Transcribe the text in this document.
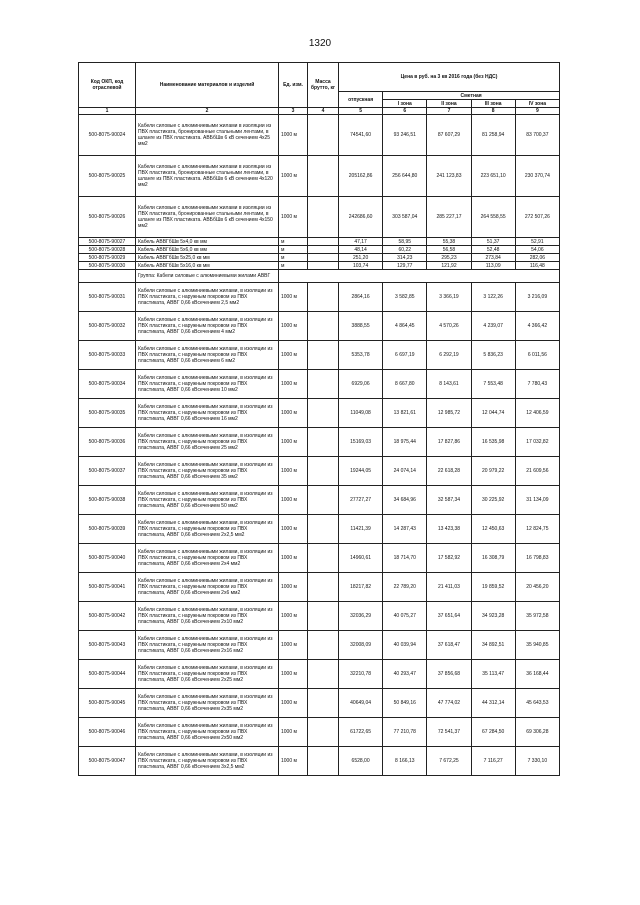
1320
Код ОКП, код отраслевой	Наименование материалов и изделий	Ед. изм.	Масса брутто, кг	Цена в руб. на 3 кв 2016 года (без НДС)				
				отпускная	Сметная			
					I зона	II зона	III зона	IV зона
1	2	3	4	5	6	7	8	9
500-8075-90024	Кабели силовые с алюминиевыми жилами в изоляции из ПВХ пластиката, бронированные стальными лентами, в шланге из ПВХ пластиката. АВБбШв 6 кВ сечением 4х25 мм2	1000 м		74541,60	93 246,51	87 607,29	81 258,94	83 700,37
500-8075-90025	Кабели силовые с алюминиевыми жилами в изоляции из ПВХ пластиката, бронированные стальными лентами, в шланге из ПВХ пластиката. АВБбШв 6 кВ сечением 4х120 мм2	1000 м		205162,86	256 644,80	241 123,83	223 651,10	230 370,74
500-8075-90026	Кабели силовые с алюминиевыми жилами в изоляции из ПВХ пластиката, бронированные стальными лентами, в шланге из ПВХ пластиката. АВБбШв 6 кВ сечением 4х150 мм2	1000 м		242686,60	303 587,04	285 227,17	264 558,55	272 507,26
500-8075-90027	Кабель АВВГбШв 5х4,0 кв мм	м		47,17	58,95	55,38	51,37	52,91
500-8075-90028	Кабель АВВГбШв 5х6,0 кв мм	м		48,14	60,22	56,58	52,48	54,06
500-8075-90029	Кабель АВВГбШв 5х25,0 кв мм	м		251,20	314,23	295,23	273,84	282,06
500-8075-90030	Кабель АВВГбШв 5х16,0 кв мм	м		103,74	129,77	121,92	113,09	116,48
	Группа: Кабели силовые с алюминиевыми жилами АВВГ							
500-8075-90031	Кабели силовые с алюминиевыми жилами, в изоляции из ПВХ пластиката, с наружным покровом из ПВХ пластиката, АВВГ 0,66 кВсечением 2,5 мм2	1000 м		2864,16	3 582,85	3 366,19	3 122,26	3 216,09
500-8075-90032	Кабели силовые с алюминиевыми жилами, в изоляции из ПВХ пластиката, с наружным покровом из ПВХ пластиката, АВВГ 0,66 кВсечением 4 мм2	1000 м		3888,55	4 864,45	4 570,26	4 239,07	4 366,42
500-8075-90033	Кабели силовые с алюминиевыми жилами, в изоляции из ПВХ пластиката, с наружным покровом из ПВХ пластиката, АВВГ 0,66 кВсечением 6 мм2	1000 м		5353,78	6 697,19	6 292,19	5 836,23	6 011,56
500-8075-90034	Кабели силовые с алюминиевыми жилами, в изоляции из ПВХ пластиката, с наружным покровом из ПВХ пластиката, АВВГ 0,66 кВсечением 10 мм2	1000 м		6929,06	8 667,80	8 143,61	7 553,48	7 780,43
500-8075-90035	Кабели силовые с алюминиевыми жилами, в изоляции из ПВХ пластиката, с наружным покровом из ПВХ пластиката, АВВГ 0,66 кВсечением 16 мм2	1000 м		11049,08	13 821,61	12 985,72	12 044,74	12 406,59
500-8075-90036	Кабели силовые с алюминиевыми жилами, в изоляции из ПВХ пластиката, с наружным покровом из ПВХ пластиката, АВВГ 0,66 кВсечением 25 мм2	1000 м		15169,03	18 975,44	17 827,86	16 535,98	17 032,82
500-8075-90037	Кабели силовые с алюминиевыми жилами, в изоляции из ПВХ пластиката, с наружным покровом из ПВХ пластиката, АВВГ 0,66 кВсечением 35 мм2	1000 м		19244,05	24 074,14	22 618,28	20 979,22	21 609,56
500-8075-90038	Кабели силовые с алюминиевыми жилами, в изоляции из ПВХ пластиката, с наружным покровом из ПВХ пластиката, АВВГ 0,66 кВсечением 50 мм2	1000 м		27727,27	34 684,96	32 587,34	30 225,92	31 134,09
500-8075-90039	Кабели силовые с алюминиевыми жилами, в изоляции из ПВХ пластиката, с наружным покровом из ПВХ пластиката, АВВГ 0,66 кВсечением 2х2,5 мм2	1000 м		11421,39	14 287,43	13 423,38	12 450,63	12 824,75
500-8075-90040	Кабели силовые с алюминиевыми жилами, в изоляции из ПВХ пластиката, с наружным покровом из ПВХ пластиката, АВВГ 0,66 кВсечением 2х4 мм2	1000 м		14960,61	18 714,70	17 582,92	16 308,79	16 798,83
500-8075-90041	Кабели силовые с алюминиевыми жилами, в изоляции из ПВХ пластиката, с наружным покровом из ПВХ пластиката, АВВГ 0,66 кВсечением 2х6 мм2	1000 м		18217,82	22 789,20	21 411,03	19 859,52	20 456,20
500-8075-90042	Кабели силовые с алюминиевыми жилами, в изоляции из ПВХ пластиката, с наружным покровом из ПВХ пластиката, АВВГ 0,66 кВсечением 2х10 мм2	1000 м		32036,29	40 075,27	37 651,64	34 923,28	35 972,58
500-8075-90043	Кабели силовые с алюминиевыми жилами, в изоляции из ПВХ пластиката, с наружным покровом из ПВХ пластиката, АВВГ 0,66 кВсечением 2х16 мм2	1000 м		32008,09	40 039,94	37 618,47	34 892,51	35 940,85
500-8075-90044	Кабели силовые с алюминиевыми жилами, в изоляции из ПВХ пластиката, с наружным покровом из ПВХ пластиката, АВВГ 0,66 кВсечением 2х25 мм2	1000 м		32210,78	40 293,47	37 856,68	35 113,47	36 168,44
500-8075-90045	Кабели силовые с алюминиевыми жилами, в изоляции из ПВХ пластиката, с наружным покровом из ПВХ пластиката, АВВГ 0,66 кВсечением 2х35 мм2	1000 м		40649,04	50 849,16	47 774,02	44 312,14	45 643,53
500-8075-90046	Кабели силовые с алюминиевыми жилами, в изоляции из ПВХ пластиката, с наружным покровом из ПВХ пластиката, АВВГ 0,66 кВсечением 2х50 мм2	1000 м		61722,65	77 210,78	72 541,37	67 284,50	69 306,28
500-8075-90047	Кабели силовые с алюминиевыми жилами, в изоляции из ПВХ пластиката, с наружным покровом из ПВХ пластиката, АВВГ 0,66 кВсечением 3х2,5 мм2	1000 м		6528,00	8 166,13	7 672,25	7 116,27	7 330,10
